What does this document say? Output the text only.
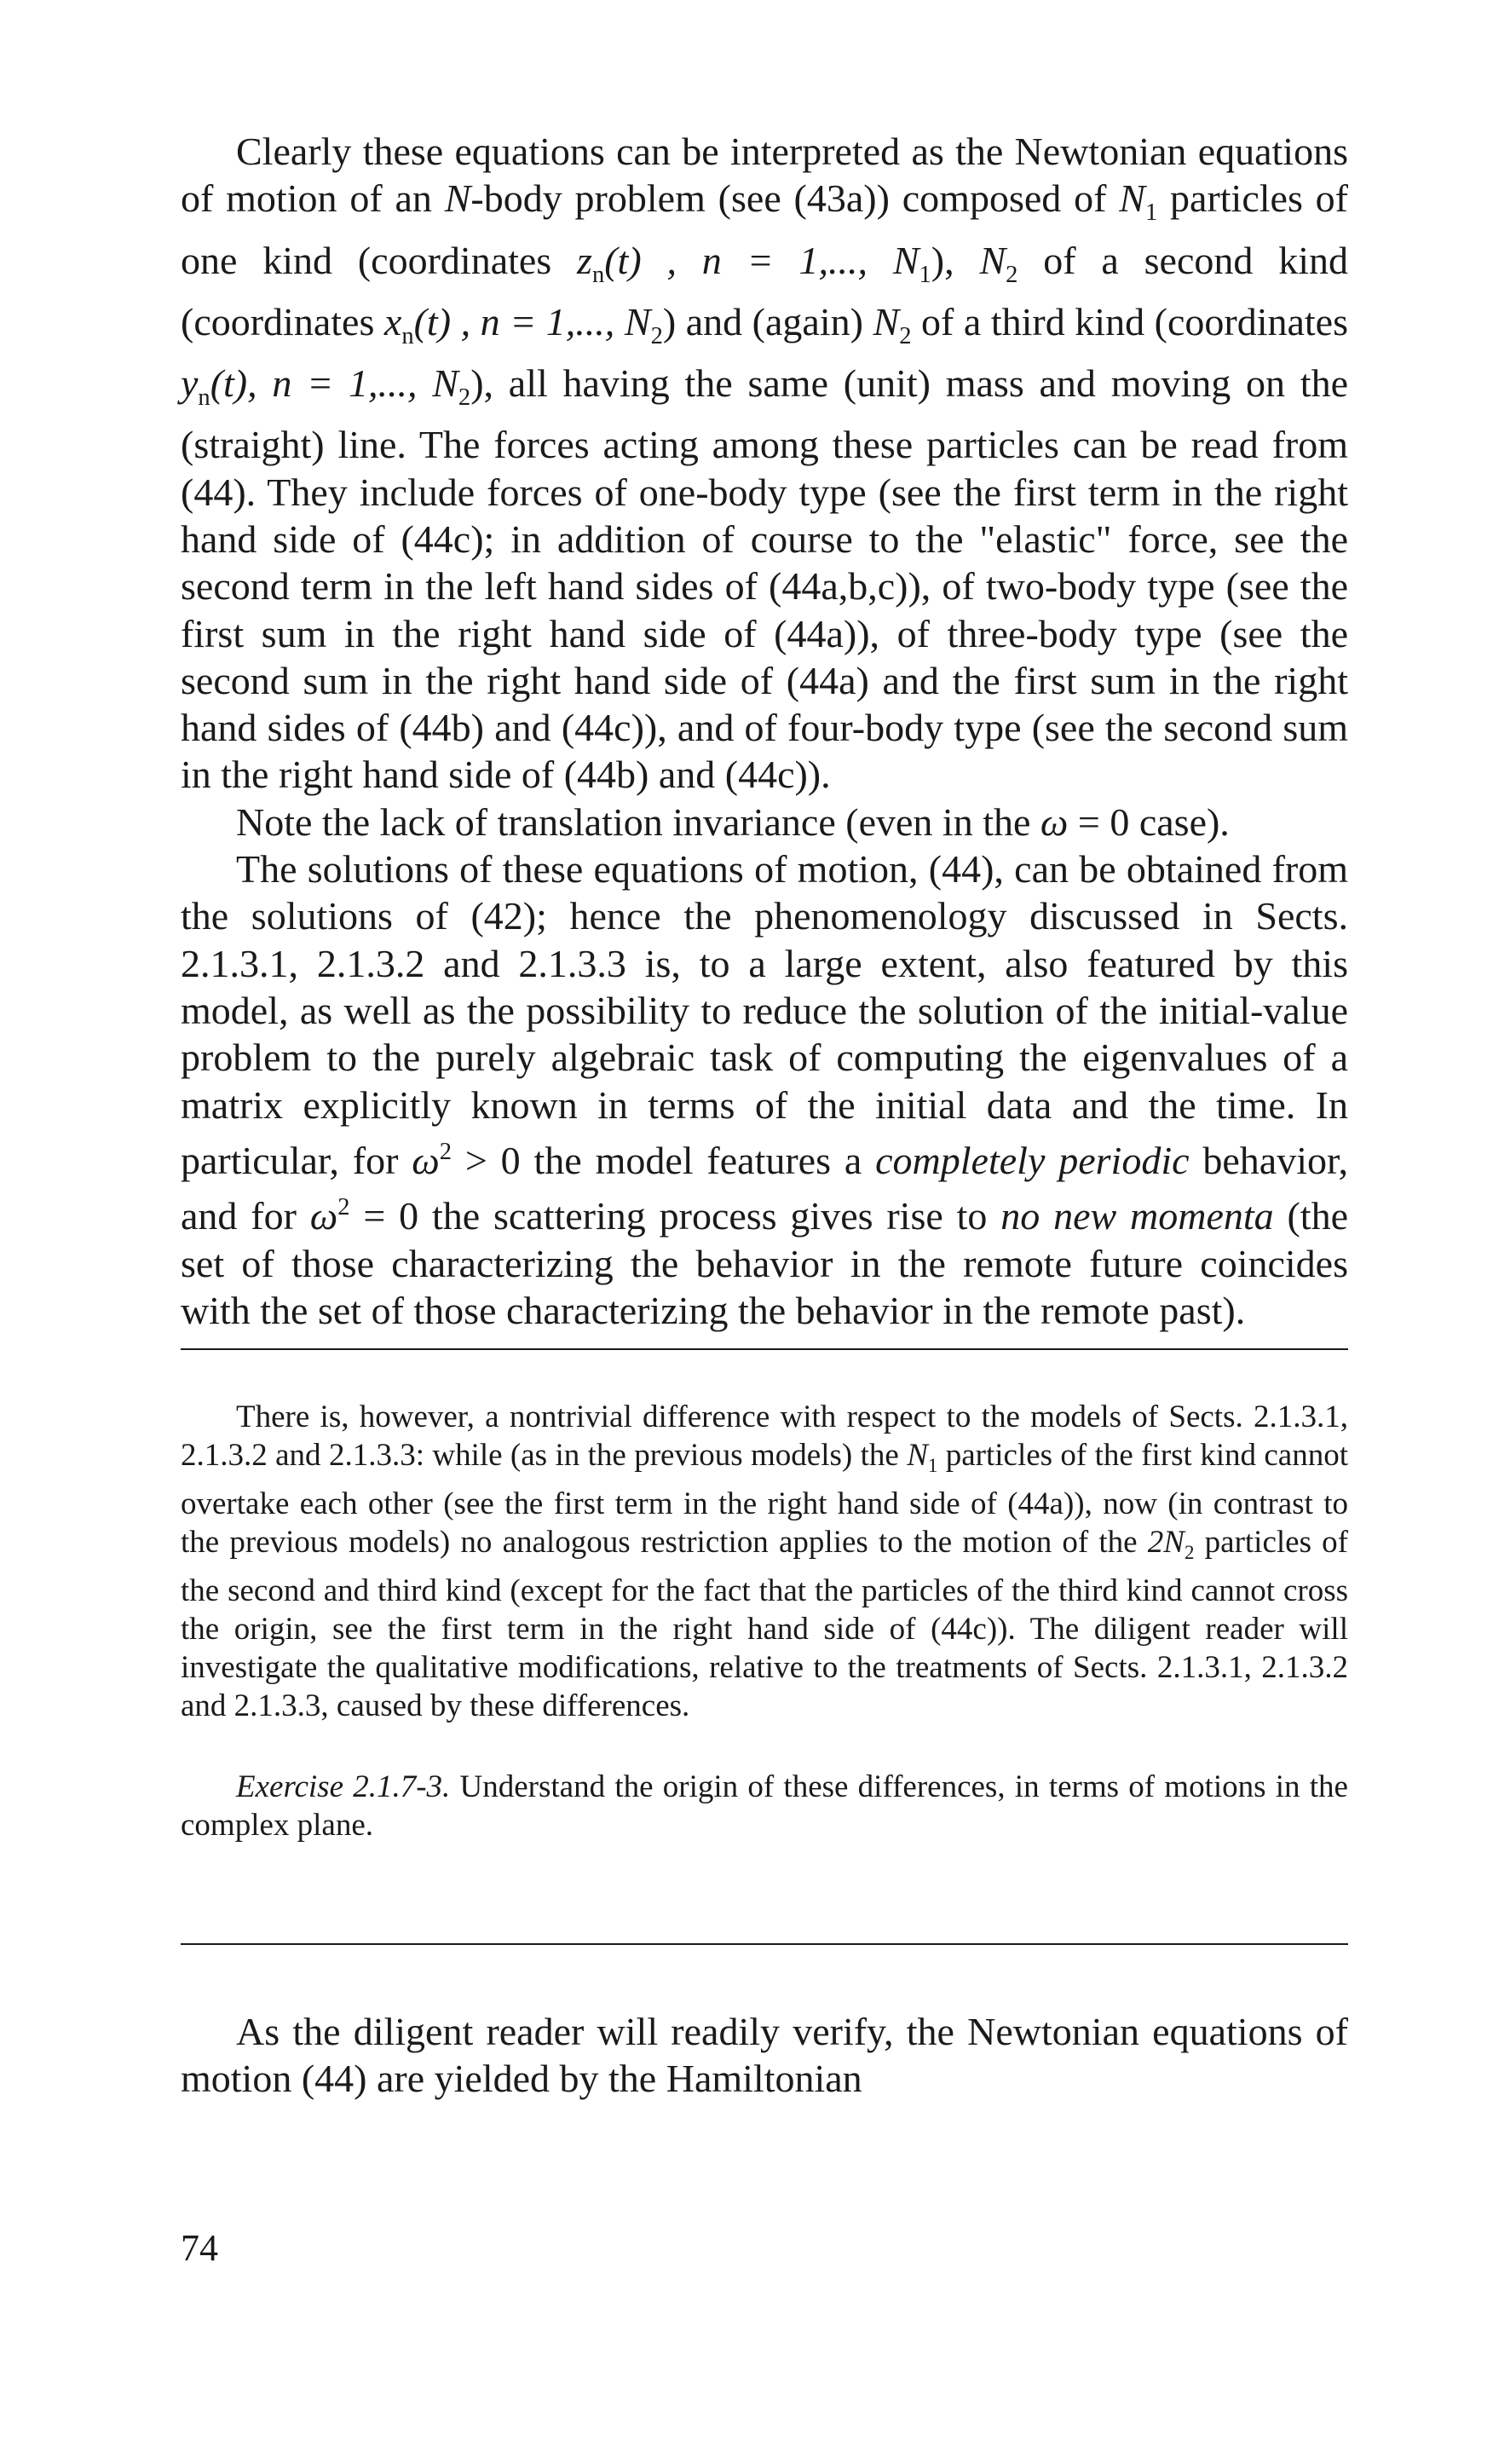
Clearly these equations can be interpreted as the Newtonian equations of motion of an N-body problem (see (43a)) composed of $N_1$ particles of one kind (coordinates $z_n(t)$ , n = 1,..., $N_1$), $N_2$ of a second kind (coordinates $x_n(t)$ , n = 1,..., $N_2$) and (again) $N_2$ of a third kind (coordinates $y_n(t)$, n = 1,..., $N_2$), all having the same (unit) mass and moving on the (straight) line. The forces acting among these particles can be read from (44). They include forces of one-body type (see the first term in the right hand side of (44c); in addition of course to the "elastic" force, see the second term in the left hand sides of (44a,b,c)), of two-body type (see the first sum in the right hand side of (44a)), of three-body type (see the second sum in the right hand side of (44a) and the first sum in the right hand sides of (44b) and (44c)), and of four-body type (see the second sum in the right hand side of (44b) and (44c)).

Note the lack of translation invariance (even in the ω = 0 case).

The solutions of these equations of motion, (44), can be obtained from the solutions of (42); hence the phenomenology discussed in Sects. 2.1.3.1, 2.1.3.2 and 2.1.3.3 is, to a large extent, also featured by this model, as well as the possibility to reduce the solution of the initial-value problem to the purely algebraic task of computing the eigenvalues of a matrix explicitly known in terms of the initial data and the time. In particular, for $\omega^2 > 0$ the model features a completely periodic behavior, and for $\omega^2 = 0$ the scattering process gives rise to no new momenta (the set of those characterizing the behavior in the remote future coincides with the set of those characterizing the behavior in the remote past).

There is, however, a nontrivial difference with respect to the models of Sects. 2.1.3.1, 2.1.3.2 and 2.1.3.3: while (as in the previous models) the $N_1$ particles of the first kind cannot overtake each other (see the first term in the right hand side of (44a)), now (in contrast to the previous models) no analogous restriction applies to the motion of the $2N_2$ particles of the second and third kind (except for the fact that the particles of the third kind cannot cross the origin, see the first term in the right hand side of (44c)). The diligent reader will investigate the qualitative modifications, relative to the treatments of Sects. 2.1.3.1, 2.1.3.2 and 2.1.3.3, caused by these differences.

Exercise 2.1.7-3. Understand the origin of these differences, in terms of motions in the complex plane.

As the diligent reader will readily verify, the Newtonian equations of motion (44) are yielded by the Hamiltonian

74
